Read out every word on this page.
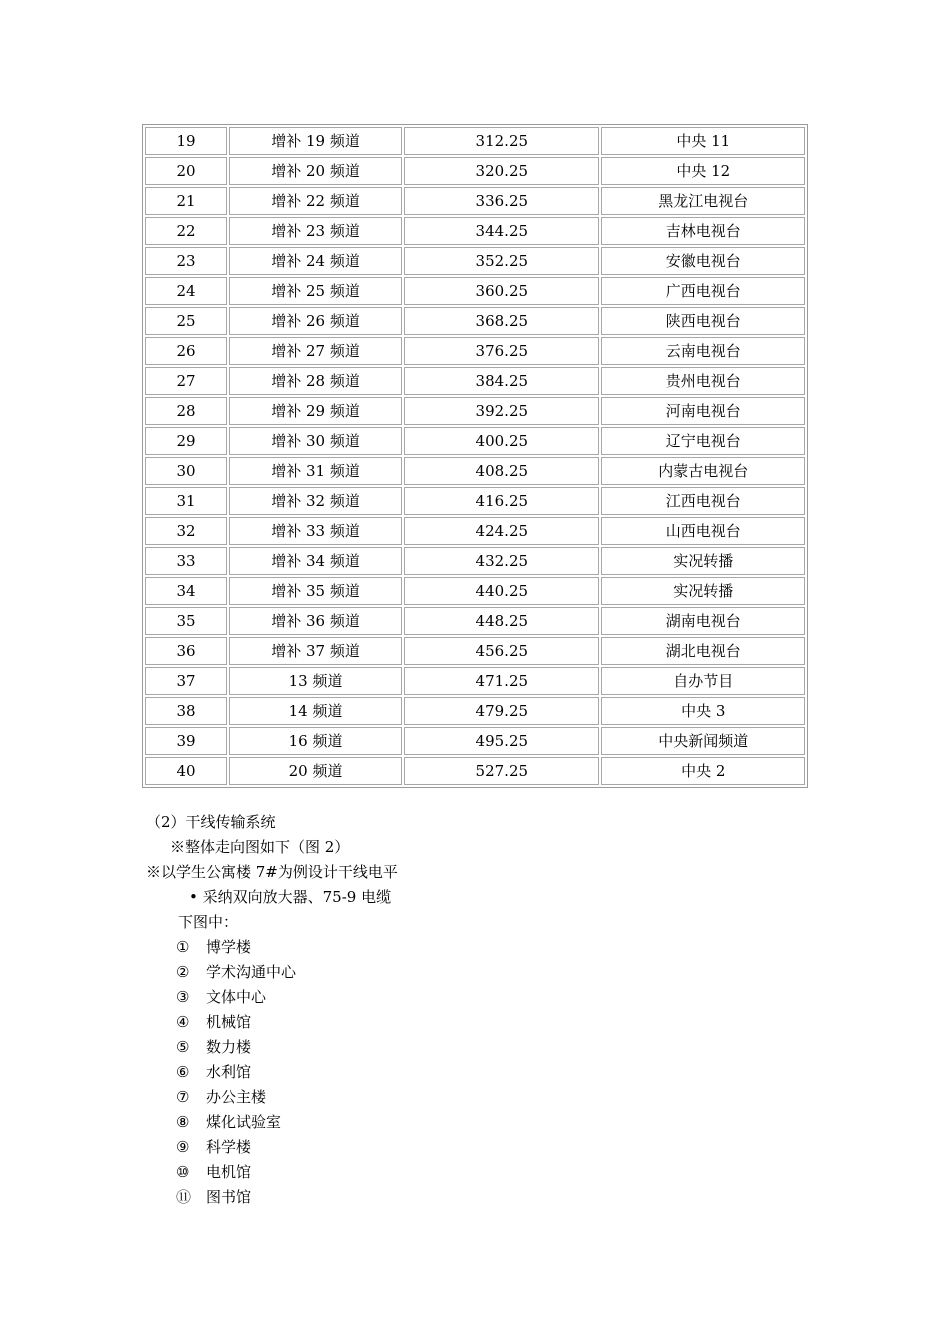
19	增补 19 频道	312.25	中央 11
20	增补 20 频道	320.25	中央 12
21	增补 22 频道	336.25	黑龙江电视台
22	增补 23 频道	344.25	吉林电视台
23	增补 24 频道	352.25	安徽电视台
24	增补 25 频道	360.25	广西电视台
25	增补 26 频道	368.25	陕西电视台
26	增补 27 频道	376.25	云南电视台
27	增补 28 频道	384.25	贵州电视台
28	增补 29 频道	392.25	河南电视台
29	增补 30 频道	400.25	辽宁电视台
30	增补 31 频道	408.25	内蒙古电视台
31	增补 32 频道	416.25	江西电视台
32	增补 33 频道	424.25	山西电视台
33	增补 34 频道	432.25	实况转播
34	增补 35 频道	440.25	实况转播
35	增补 36 频道	448.25	湖南电视台
36	增补 37 频道	456.25	湖北电视台
37	13 频道	471.25	自办节目
38	14 频道	479.25	中央 3
39	16 频道	495.25	中央新闻频道
40	20 频道	527.25	中央 2
（2）干线传输系统
※整体走向图如下（图 2）
※以学生公寓楼 7#为例设计干线电平
• 采纳双向放大器、75-9 电缆
下图中：
① 博学楼
② 学术沟通中心
③ 文体中心
④ 机械馆
⑤ 数力楼
⑥ 水利馆
⑦ 办公主楼
⑧ 煤化试验室
⑨ 科学楼
⑩ 电机馆
⑪ 图书馆
